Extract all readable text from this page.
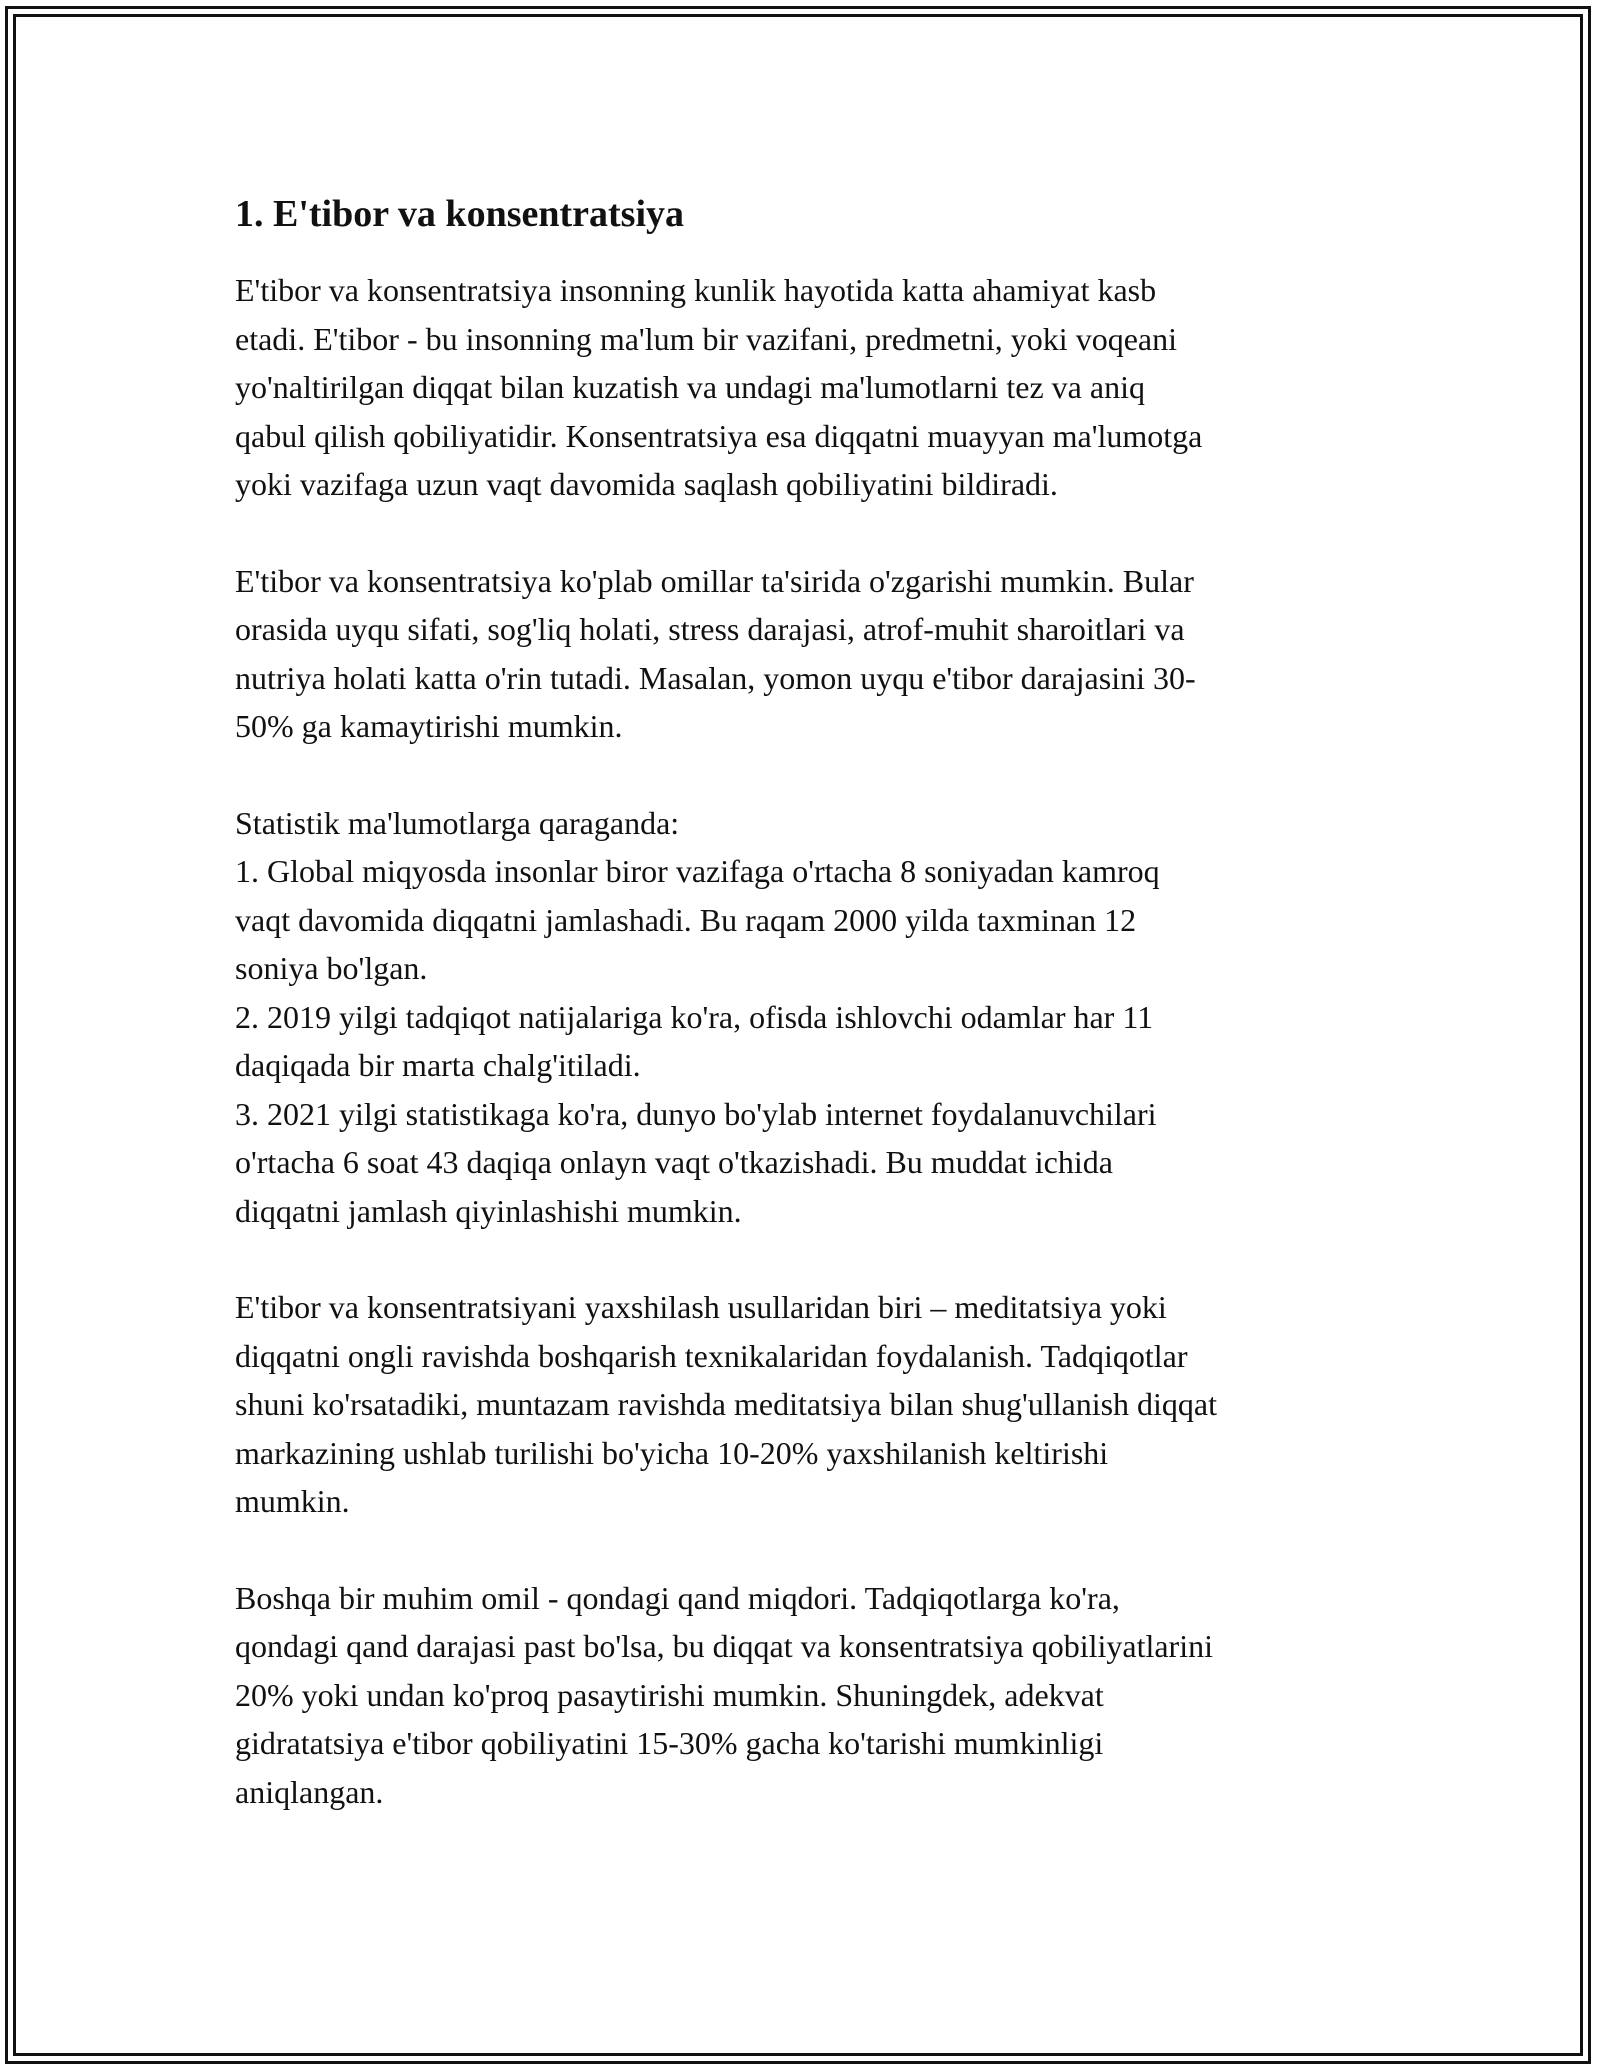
1. E'tibor va konsentratsiya
E'tibor va konsentratsiya insonning kunlik hayotida katta ahamiyat kasb
etadi. E'tibor - bu insonning ma'lum bir vazifani, predmetni, yoki voqeani
yo'naltirilgan diqqat bilan kuzatish va undagi ma'lumotlarni tez va aniq
qabul qilish qobiliyatidir. Konsentratsiya esa diqqatni muayyan ma'lumotga
yoki vazifaga uzun vaqt davomida saqlash qobiliyatini bildiradi.
E'tibor va konsentratsiya ko'plab omillar ta'sirida o'zgarishi mumkin. Bular
orasida uyqu sifati, sog'liq holati, stress darajasi, atrof-muhit sharoitlari va
nutriya holati katta o'rin tutadi. Masalan, yomon uyqu e'tibor darajasini 30-
50% ga kamaytirishi mumkin.
Statistik ma'lumotlarga qaraganda:
1. Global miqyosda insonlar biror vazifaga o'rtacha 8 soniyadan kamroq
vaqt davomida diqqatni jamlashadi. Bu raqam 2000 yilda taxminan 12
soniya bo'lgan.
2. 2019 yilgi tadqiqot natijalariga ko'ra, ofisda ishlovchi odamlar har 11
daqiqada bir marta chalg'itiladi.
3. 2021 yilgi statistikaga ko'ra, dunyo bo'ylab internet foydalanuvchilari
o'rtacha 6 soat 43 daqiqa onlayn vaqt o'tkazishadi. Bu muddat ichida
diqqatni jamlash qiyinlashishi mumkin.
E'tibor va konsentratsiyani yaxshilash usullaridan biri – meditatsiya yoki
diqqatni ongli ravishda boshqarish texnikalaridan foydalanish. Tadqiqotlar
shuni ko'rsatadiki, muntazam ravishda meditatsiya bilan shug'ullanish diqqat
markazining ushlab turilishi bo'yicha 10-20% yaxshilanish keltirishi
mumkin.
Boshqa bir muhim omil - qondagi qand miqdori. Tadqiqotlarga ko'ra,
qondagi qand darajasi past bo'lsa, bu diqqat va konsentratsiya qobiliyatlarini
20% yoki undan ko'proq pasaytirishi mumkin. Shuningdek, adekvat
gidratatsiya e'tibor qobiliyatini 15-30% gacha ko'tarishi mumkinligi
aniqlangan.
